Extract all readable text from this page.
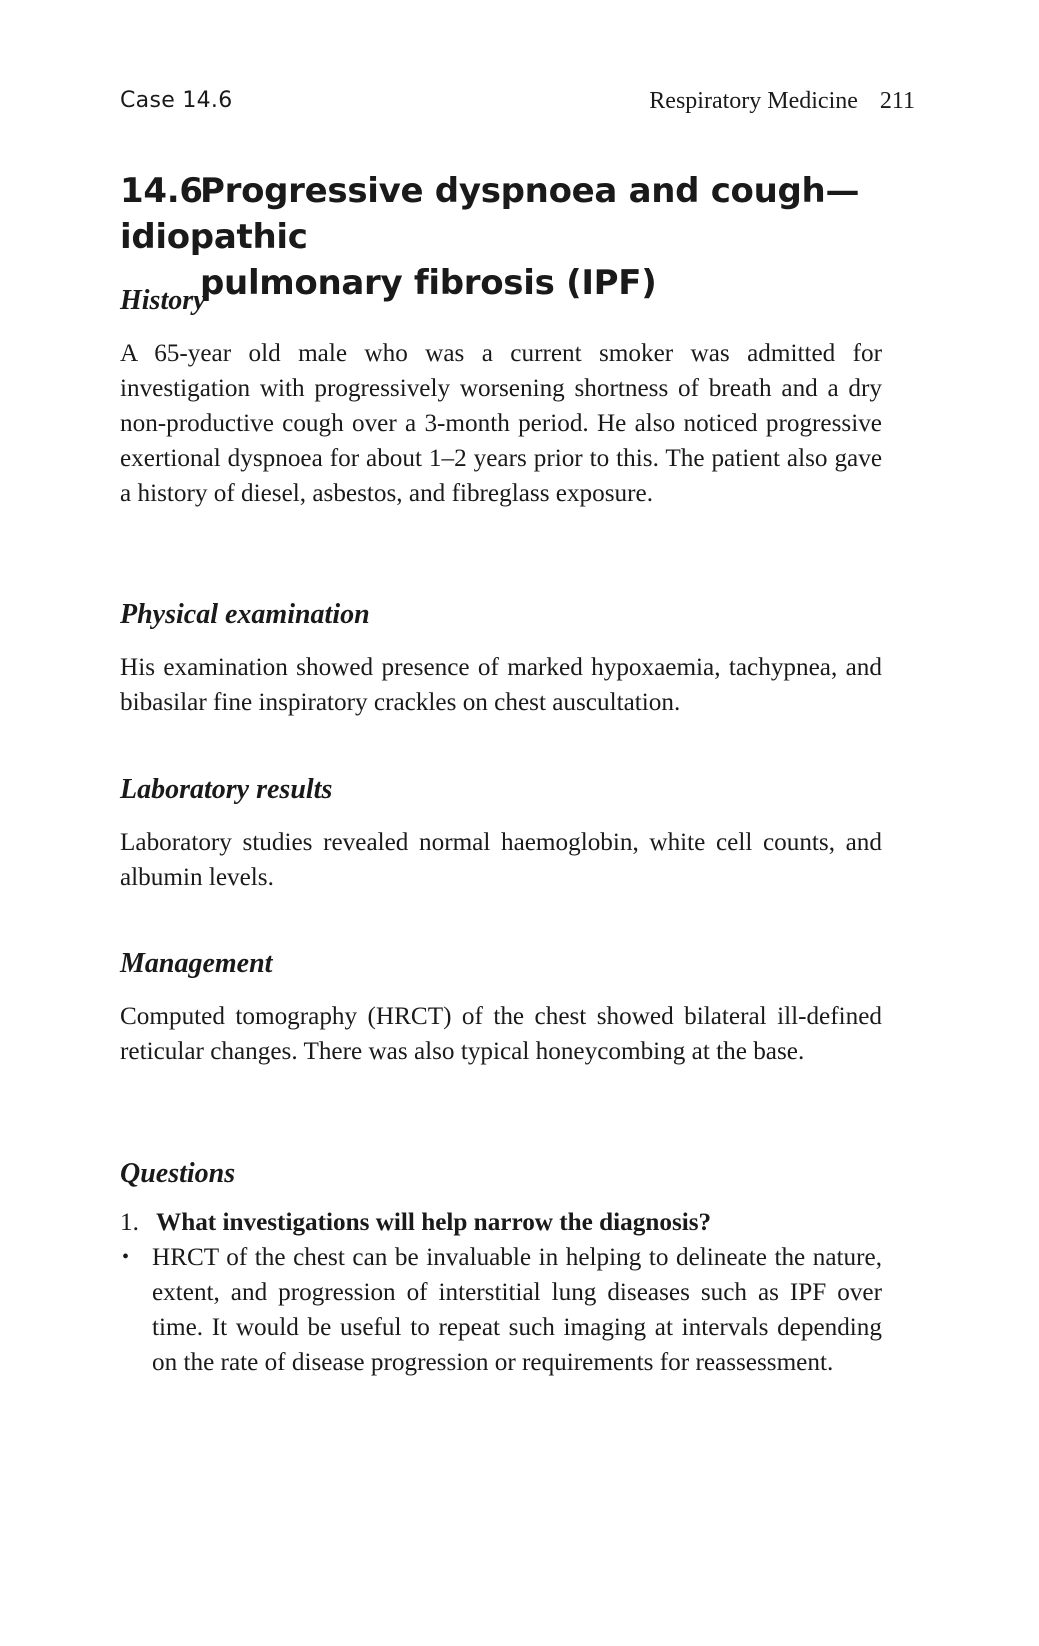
Case 14.6	Respiratory Medicine 211
14.6Progressive dyspnoea and cough—idiopathic
pulmonary fibrosis (IPF)
History

A 65-year old male who was a current smoker was admitted for investigation with progressively worsening shortness of breath and a dry non-productive cough over a 3-month period. He also noticed progressive exertional dyspnoea for about 1–2 years prior to this. The patient also gave a history of diesel, asbestos, and fibreglass exposure.

Physical examination

His examination showed presence of marked hypoxaemia, tachypnea, and bibasilar fine inspiratory crackles on chest auscultation.

Laboratory results

Laboratory studies revealed normal haemoglobin, white cell counts, and albumin levels.

Management

Computed tomography (HRCT) of the chest showed bilateral ill-defined reticular changes. There was also typical honeycombing at the base.

Questions

1. What investigations will help narrow the diagnosis?

• HRCT of the chest can be invaluable in helping to delineate the nature, extent, and progression of interstitial lung diseases such as IPF over time. It would be useful to repeat such imaging at intervals depending on the rate of disease progression or requirements for reassessment.
